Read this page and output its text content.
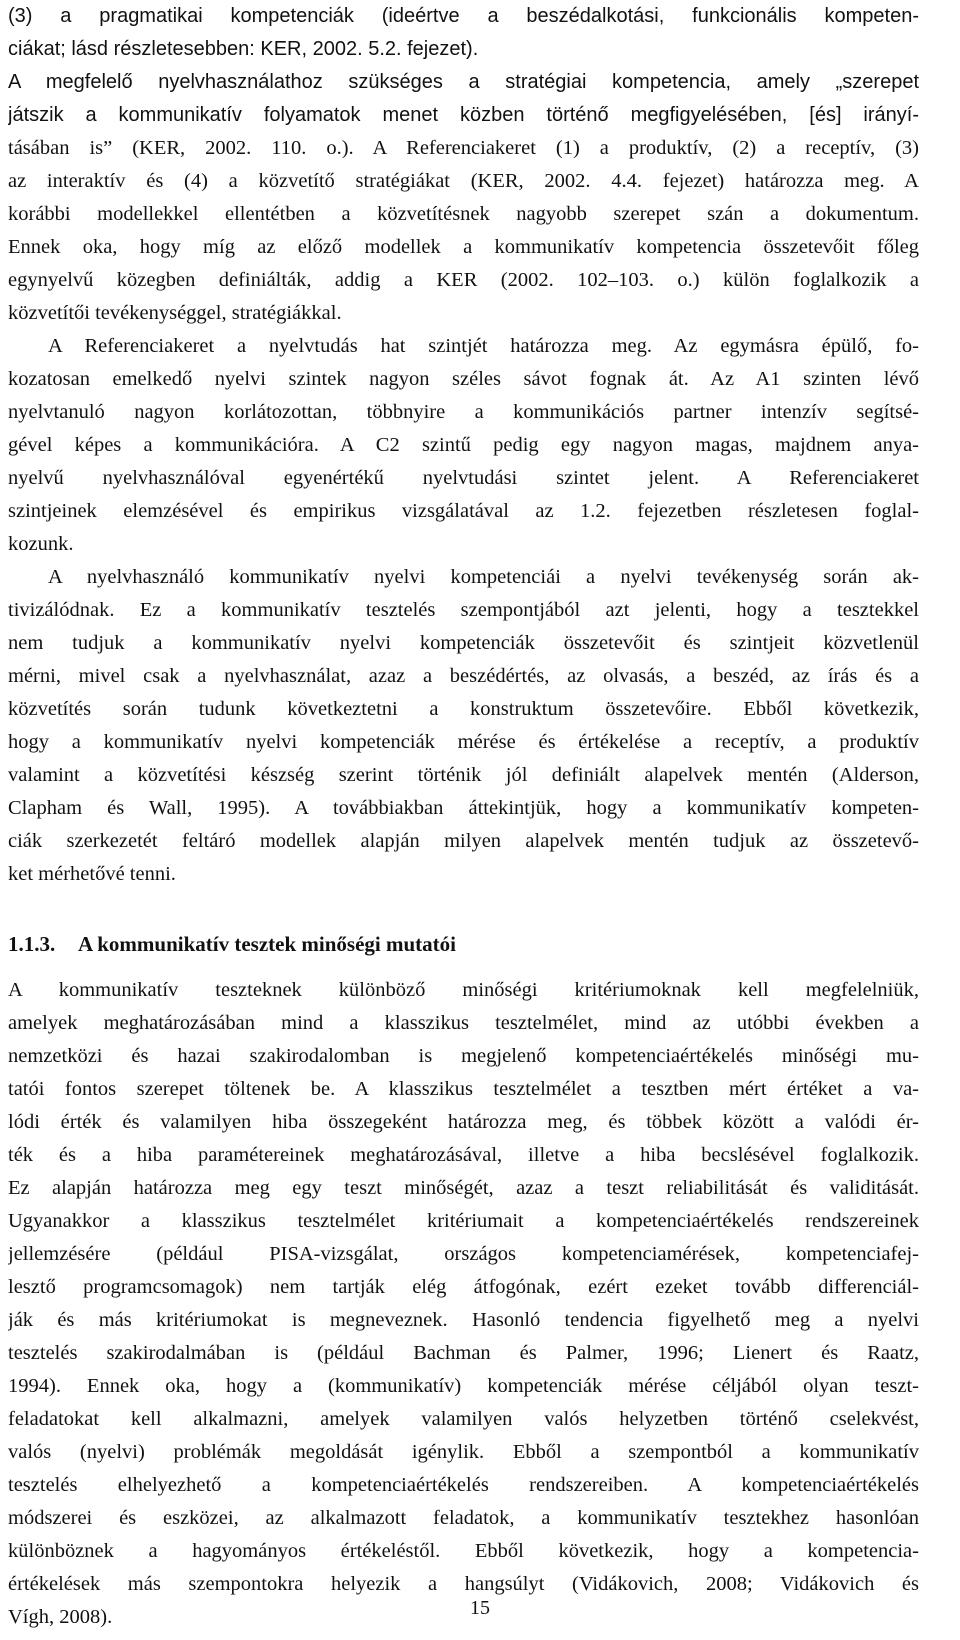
(3) a pragmatikai kompetenciák (ideértve a beszédalkotási, funkcionális kompeten-
ciákat; lásd részletesebben: KER, 2002. 5.2. fejezet).
A megfelelő nyelvhasználathoz szükséges a stratégiai kompetencia, amely „szerepet
játszik a kommunikatív folyamatok menet közben történő megfigyelésében, [és] irányí-
tásában is” (KER, 2002. 110. o.). A Referenciakeret (1) a produktív, (2) a receptív, (3)
az interaktív és (4) a közvetítő stratégiákat (KER, 2002. 4.4. fejezet) határozza meg. A
korábbi modellekkel ellentétben a közvetítésnek nagyobb szerepet szán a dokumentum.
Ennek oka, hogy míg az előző modellek a kommunikatív kompetencia összetevőit főleg
egynyelvű közegben definiálták, addig a KER (2002. 102–103. o.) külön foglalkozik a
közvetítői tevékenységgel, stratégiákkal.
A Referenciakeret a nyelvtudás hat szintjét határozza meg. Az egymásra épülő, fo-
kozatosan emelkedő nyelvi szintek nagyon széles sávot fognak át. Az A1 szinten lévő
nyelvtanuló nagyon korlátozottan, többnyire a kommunikációs partner intenzív segítsé-
gével képes a kommunikációra. A C2 szintű pedig egy nagyon magas, majdnem anya-
nyelvű nyelvhasználóval egyenértékű nyelvtudási szintet jelent. A Referenciakeret
szintjeinek elemzésével és empirikus vizsgálatával az 1.2. fejezetben részletesen foglal-
kozunk.
A nyelvhasználó kommunikatív nyelvi kompetenciái a nyelvi tevékenység során ak-
tivizálódnak. Ez a kommunikatív tesztelés szempontjából azt jelenti, hogy a tesztekkel
nem tudjuk a kommunikatív nyelvi kompetenciák összetevőit és szintjeit közvetlenül
mérni, mivel csak a nyelvhasználat, azaz a beszédértés, az olvasás, a beszéd, az írás és a
közvetítés során tudunk következtetni a konstruktum összetevőire. Ebből következik,
hogy a kommunikatív nyelvi kompetenciák mérése és értékelése a receptív, a produktív
valamint a közvetítési készség szerint történik jól definiált alapelvek mentén (Alderson,
Clapham és Wall, 1995). A továbbiakban áttekintjük, hogy a kommunikatív kompeten-
ciák szerkezetét feltáró modellek alapján milyen alapelvek mentén tudjuk az összetevő-
ket mérhetővé tenni.
1.1.3. A kommunikatív tesztek minőségi mutatói
A kommunikatív teszteknek különböző minőségi kritériumoknak kell megfelelniük,
amelyek meghatározásában mind a klasszikus tesztelmélet, mind az utóbbi években a
nemzetközi és hazai szakirodalomban is megjelenő kompetenciaértékelés minőségi mu-
tatói fontos szerepet töltenek be. A klasszikus tesztelmélet a tesztben mért értéket a va-
lódi érték és valamilyen hiba összegeként határozza meg, és többek között a valódi ér-
ték és a hiba paramétereinek meghatározásával, illetve a hiba becslésével foglalkozik.
Ez alapján határozza meg egy teszt minőségét, azaz a teszt reliabilitását és validitását.
Ugyanakkor a klasszikus tesztelmélet kritériumait a kompetenciaértékelés rendszereinek
jellemzésére (például PISA-vizsgálat, országos kompetenciamérések, kompetenciafej-
lesztő programcsomagok) nem tartják elég átfogónak, ezért ezeket tovább differenciál-
ják és más kritériumokat is megneveznek. Hasonló tendencia figyelhető meg a nyelvi
tesztelés szakirodalmában is (például Bachman és Palmer, 1996; Lienert és Raatz,
1994). Ennek oka, hogy a (kommunikatív) kompetenciák mérése céljából olyan teszt-
feladatokat kell alkalmazni, amelyek valamilyen valós helyzetben történő cselekvést,
valós (nyelvi) problémák megoldását igénylik. Ebből a szempontból a kommunikatív
tesztelés elhelyezhető a kompetenciaértékelés rendszereiben. A kompetenciaértékelés
módszerei és eszközei, az alkalmazott feladatok, a kommunikatív tesztekhez hasonlóan
különböznek a hagyományos értékeléstől. Ebből következik, hogy a kompetencia-
értékelések más szempontokra helyezik a hangsúlyt (Vidákovich, 2008; Vidákovich és
Vígh, 2008).	15
